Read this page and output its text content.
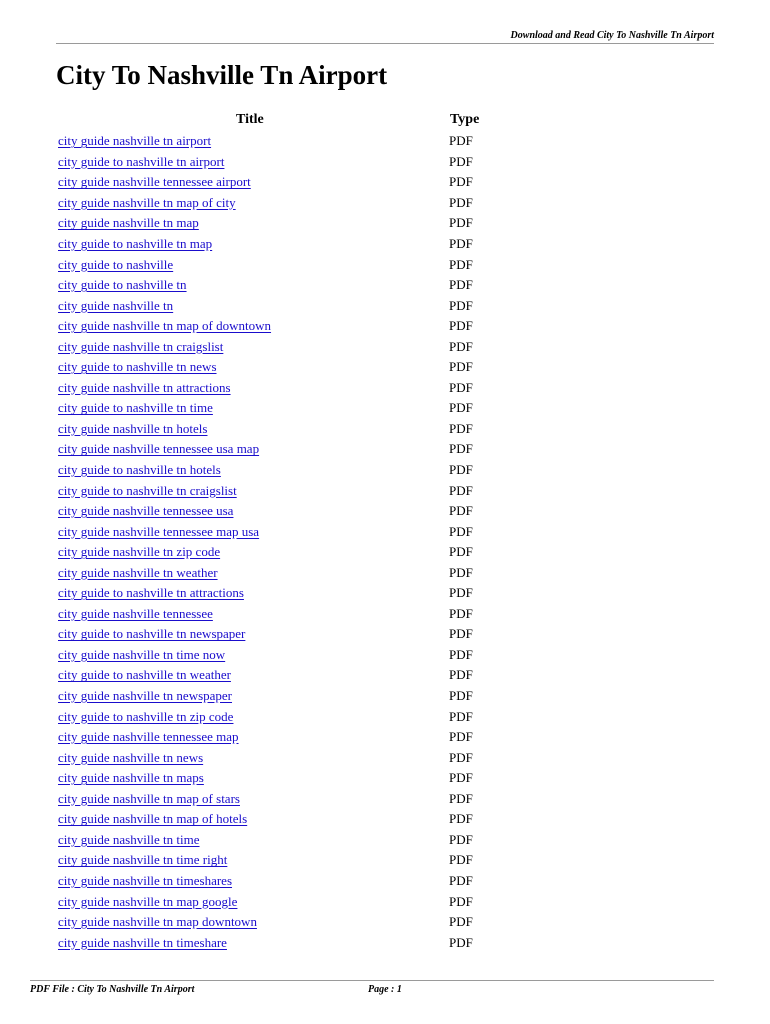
Download and Read City To Nashville Tn Airport
City To Nashville Tn Airport
Title	Type
city guide nashville tn airport	PDF
city guide to nashville tn airport	PDF
city guide nashville tennessee airport	PDF
city guide nashville tn map of city	PDF
city guide nashville tn map	PDF
city guide to nashville tn map	PDF
city guide to nashville	PDF
city guide to nashville tn	PDF
city guide nashville tn	PDF
city guide nashville tn map of downtown	PDF
city guide nashville tn craigslist	PDF
city guide to nashville tn news	PDF
city guide nashville tn attractions	PDF
city guide to nashville tn time	PDF
city guide nashville tn hotels	PDF
city guide nashville tennessee usa map	PDF
city guide to nashville tn hotels	PDF
city guide to nashville tn craigslist	PDF
city guide nashville tennessee usa	PDF
city guide nashville tennessee map usa	PDF
city guide nashville tn zip code	PDF
city guide nashville tn weather	PDF
city guide to nashville tn attractions	PDF
city guide nashville tennessee	PDF
city guide to nashville tn newspaper	PDF
city guide nashville tn time now	PDF
city guide to nashville tn weather	PDF
city guide nashville tn newspaper	PDF
city guide to nashville tn zip code	PDF
city guide nashville tennessee map	PDF
city guide nashville tn news	PDF
city guide nashville tn maps	PDF
city guide nashville tn map of stars	PDF
city guide nashville tn map of hotels	PDF
city guide nashville tn time	PDF
city guide nashville tn time right	PDF
city guide nashville tn timeshares	PDF
city guide nashville tn map google	PDF
city guide nashville tn map downtown	PDF
city guide nashville tn timeshare	PDF
PDF File : City To Nashville Tn Airport	Page : 1
